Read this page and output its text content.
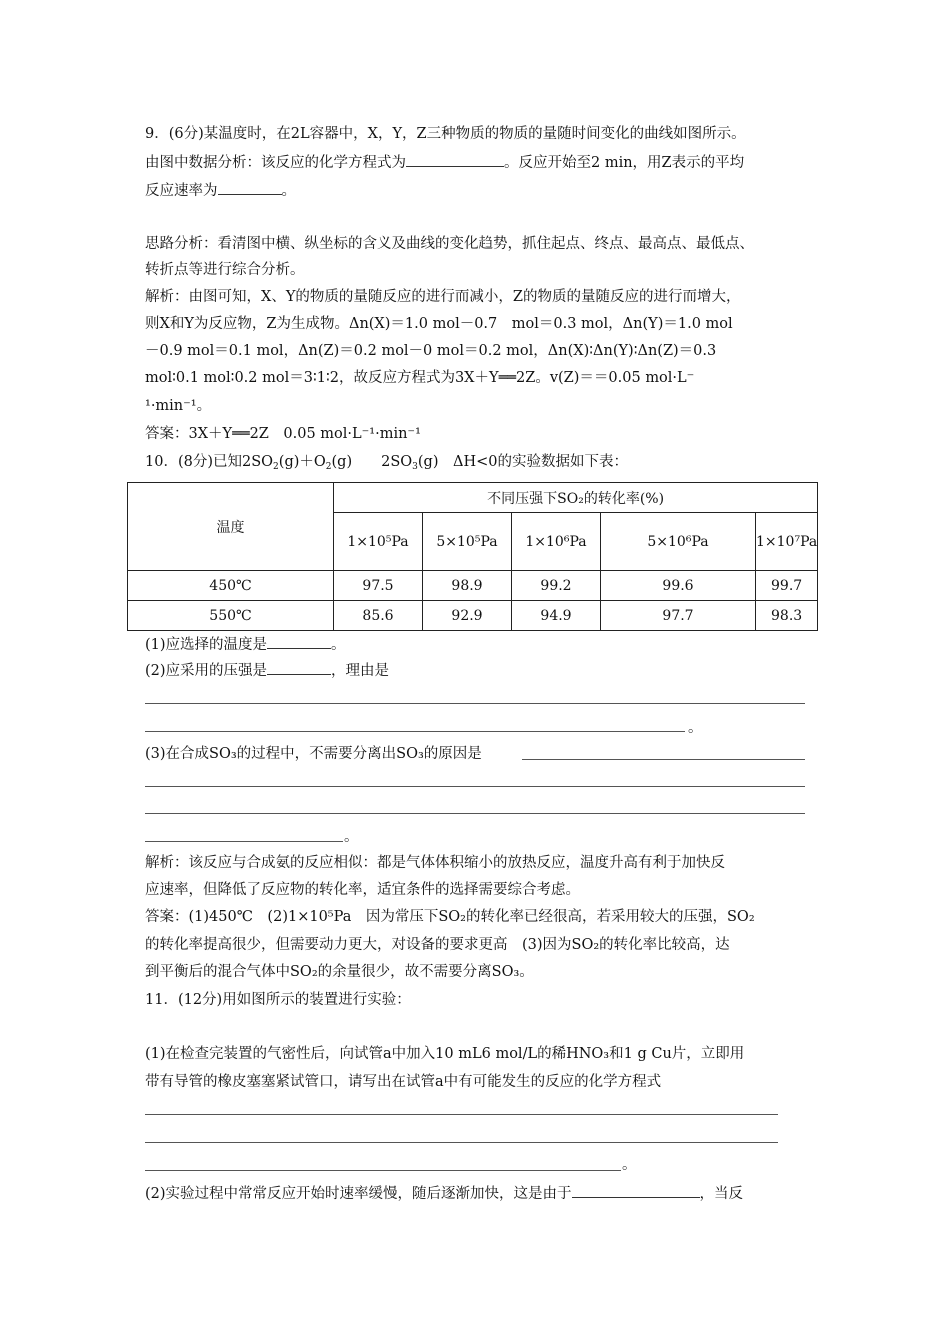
9．(6分)某温度时，在2L容器中，X，Y，Z三种物质的物质的量随时间变化的曲线如图所示。
由图中数据分析：该反应的化学方程式为	。反应开始至2 min，用Z表示的平均
反应速率为	。
思路分析：看清图中横、纵坐标的含义及曲线的变化趋势，抓住起点、终点、最高点、最低点、
转折点等进行综合分析。
解析：由图可知，X、Y的物质的量随反应的进行而减小，Z的物质的量随反应的进行而增大，
则X和Y为反应物，Z为生成物。Δn(X)＝1.0 mol－0.7　mol＝0.3 mol，Δn(Y)＝1.0 mol
－0.9 mol＝0.1 mol，Δn(Z)＝0.2 mol－0 mol＝0.2 mol，Δn(X)∶Δn(Y)∶Δn(Z)＝0.3
mol∶0.1 mol∶0.2 mol＝3∶1∶2，故反应方程式为3X＋Y══2Z。v(Z)＝＝0.05 mol·L⁻
¹·min⁻¹。
答案：3X＋Y══2Z　0.05 mol·L⁻¹·min⁻¹
10．(8分)已知$2SO_2(g)+O_2(g)$　　$2SO_3(g)$　ΔH<0的实验数据如下表：
温度	不同压强下SO₂的转化率(%)				
	1×10⁵Pa	5×10⁵Pa	1×10⁶Pa	5×10⁶Pa	1×10⁷Pa
450℃	97.5	98.9	99.2	99.6	99.7
550℃	85.6	92.9	94.9	97.7	98.3
(1)应选择的温度是	。
(2)应采用的压强是	，理由是
。
(3)在合成SO₃的过程中，不需要分离出SO₃的原因是
。
解析：该反应与合成氨的反应相似：都是气体体积缩小的放热反应，温度升高有利于加快反
应速率，但降低了反应物的转化率，适宜条件的选择需要综合考虑。
答案：(1)450℃　(2)1×10⁵Pa　因为常压下SO₂的转化率已经很高，若采用较大的压强，SO₂
的转化率提高很少，但需要动力更大，对设备的要求更高　(3)因为SO₂的转化率比较高，达
到平衡后的混合气体中SO₂的余量很少，故不需要分离SO₃。
11．(12分)用如图所示的装置进行实验：
(1)在检查完装置的气密性后，向试管a中加入10 mL6 mol/L的稀HNO₃和1 g Cu片，立即用
带有导管的橡皮塞塞紧试管口，请写出在试管a中有可能发生的反应的化学方程式
。
(2)实验过程中常常反应开始时速率缓慢，随后逐渐加快，这是由于	，当反
